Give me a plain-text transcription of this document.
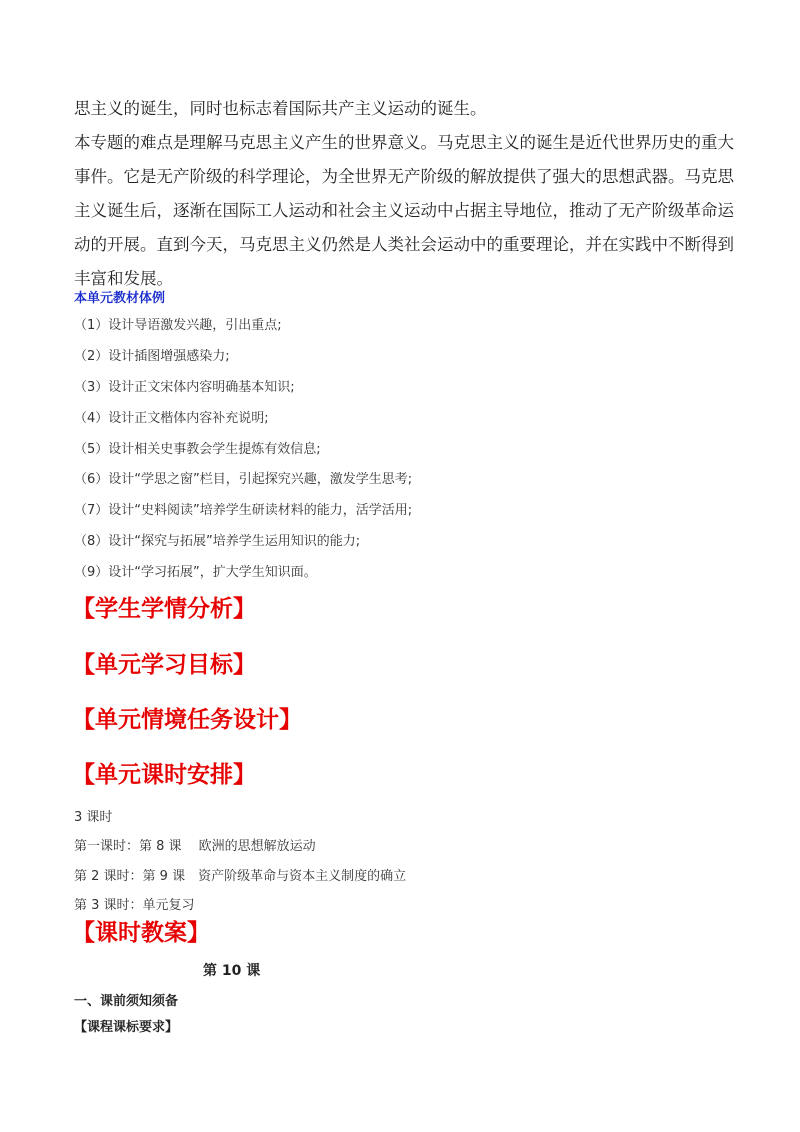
思主义的诞生，同时也标志着国际共产主义运动的诞生。
本专题的难点是理解马克思主义产生的世界意义。马克思主义的诞生是近代世界历史的重大
事件。它是无产阶级的科学理论，为全世界无产阶级的解放提供了强大的思想武器。马克思
主义诞生后，逐渐在国际工人运动和社会主义运动中占据主导地位，推动了无产阶级革命运
动的开展。直到今天，马克思主义仍然是人类社会运动中的重要理论，并在实践中不断得到
丰富和发展。

本单元教材体例

（1）设计导语激发兴趣，引出重点;
（2）设计插图增强感染力;
（3）设计正文宋体内容明确基本知识;
（4）设计正文楷体内容补充说明;
（5）设计相关史事教会学生提炼有效信息;
（6）设计“学思之窗”栏目，引起探究兴趣，激发学生思考;
（7）设计“史料阅读”培养学生研读材料的能力，活学活用;
（8）设计“探究与拓展”培养学生运用知识的能力;
（9）设计“学习拓展”，扩大学生知识面。
【学生学情分析】
【单元学习目标】
【单元情境任务设计】
【单元课时安排】

3 课时

第一课时：第 8 课　 欧洲的思想解放运动

第 2 课时：第 9 课　资产阶级革命与资本主义制度的确立

第 3 课时：单元复习

【课时教案】

第 10 课

一、课前须知须备

【课程课标要求】
